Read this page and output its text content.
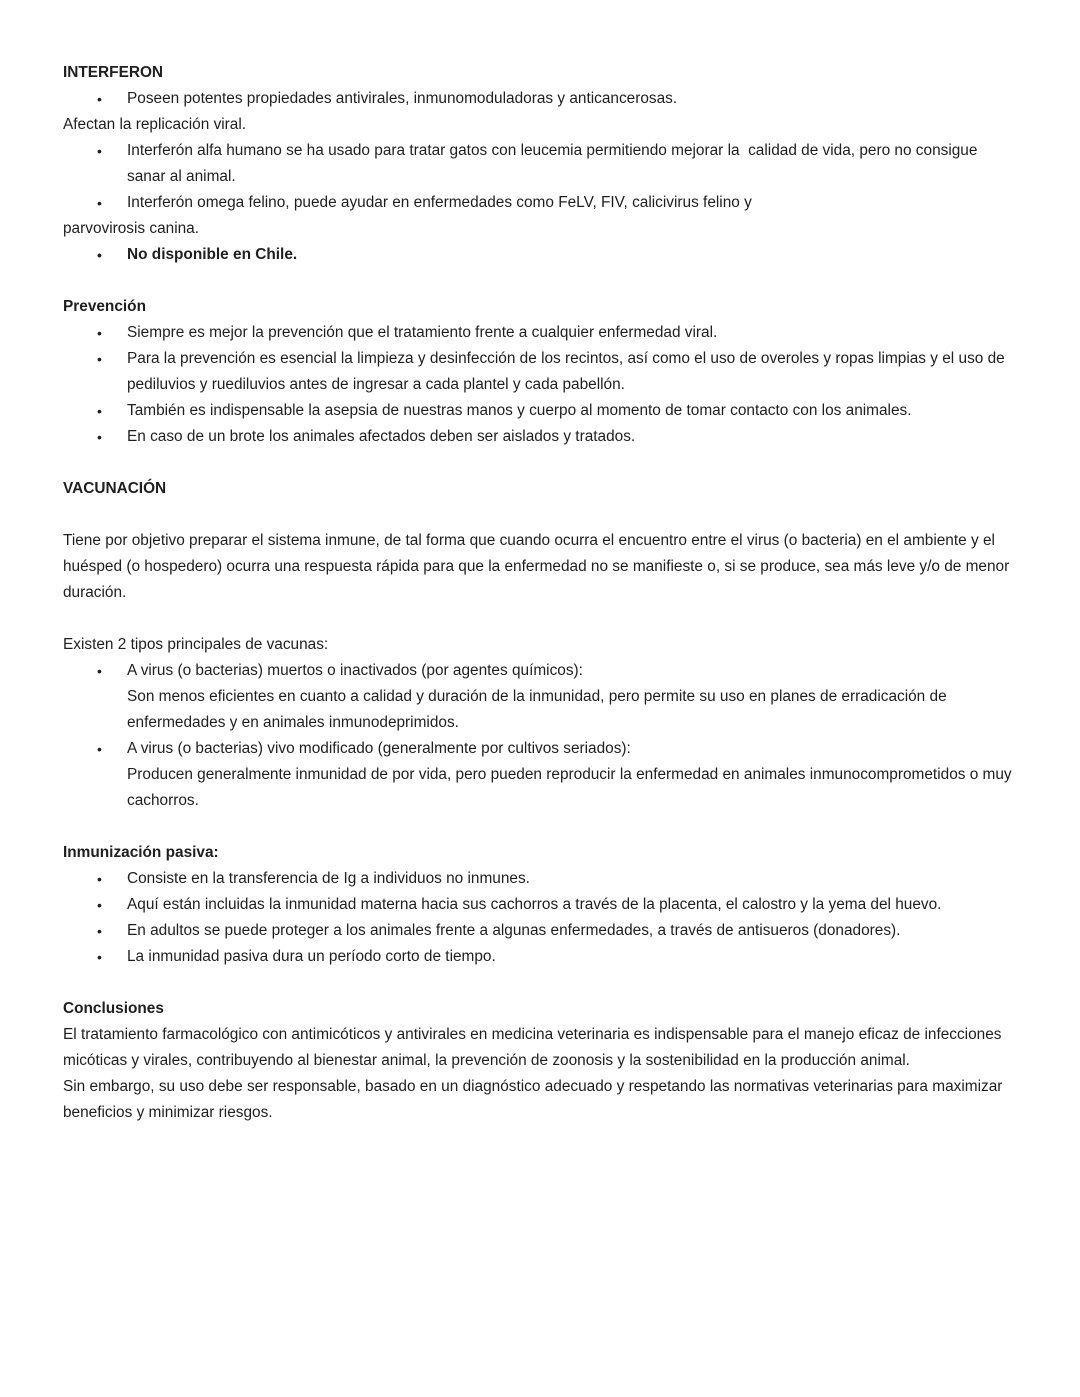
INTERFERON
•	Poseen potentes propiedades antivirales, inmunomoduladoras y anticancerosas.
Afectan la replicación viral.
•	Interferón alfa humano se ha usado para tratar gatos con leucemia permitiendo mejorar la  calidad de vida, pero no consigue sanar al animal.
•	Interferón omega felino, puede ayudar en enfermedades como FeLV, FIV, calicivirus felino y
parvovirosis canina.
•	No disponible en Chile.
Prevención
•	Siempre es mejor la prevención que el tratamiento frente a cualquier enfermedad viral.
•	Para la prevención es esencial la limpieza y desinfección de los recintos, así como el uso de overoles y ropas limpias y el uso de pediluvios y ruediluvios antes de ingresar a cada plantel y cada pabellón.
•	También es indispensable la asepsia de nuestras manos y cuerpo al momento de tomar contacto con los animales.
•	En caso de un brote los animales afectados deben ser aislados y tratados.
VACUNACIÓN
Tiene por objetivo preparar el sistema inmune, de tal forma que cuando ocurra el encuentro entre el virus (o bacteria) en el ambiente y el huésped (o hospedero) ocurra una respuesta rápida para que la enfermedad no se manifieste o, si se produce, sea más leve y/o de menor duración.
Existen 2 tipos principales de vacunas:
•	A virus (o bacterias) muertos o inactivados (por agentes químicos):
Son menos eficientes en cuanto a calidad y duración de la inmunidad, pero permite su uso en planes de erradicación de enfermedades y en animales inmunodeprimidos.
•	A virus (o bacterias) vivo modificado (generalmente por cultivos seriados):
Producen generalmente inmunidad de por vida, pero pueden reproducir la enfermedad en animales inmunocomprometidos o muy cachorros.
Inmunización pasiva:
•	Consiste en la transferencia de Ig a individuos no inmunes.
•	Aquí están incluidas la inmunidad materna hacia sus cachorros a través de la placenta, el calostro y la yema del huevo.
•	En adultos se puede proteger a los animales frente a algunas enfermedades, a través de antisueros (donadores).
•	La inmunidad pasiva dura un período corto de tiempo.
Conclusiones
El tratamiento farmacológico con antimicóticos y antivirales en medicina veterinaria es indispensable para el manejo eficaz de infecciones micóticas y virales, contribuyendo al bienestar animal, la prevención de zoonosis y la sostenibilidad en la producción animal.
Sin embargo, su uso debe ser responsable, basado en un diagnóstico adecuado y respetando las normativas veterinarias para maximizar beneficios y minimizar riesgos.
